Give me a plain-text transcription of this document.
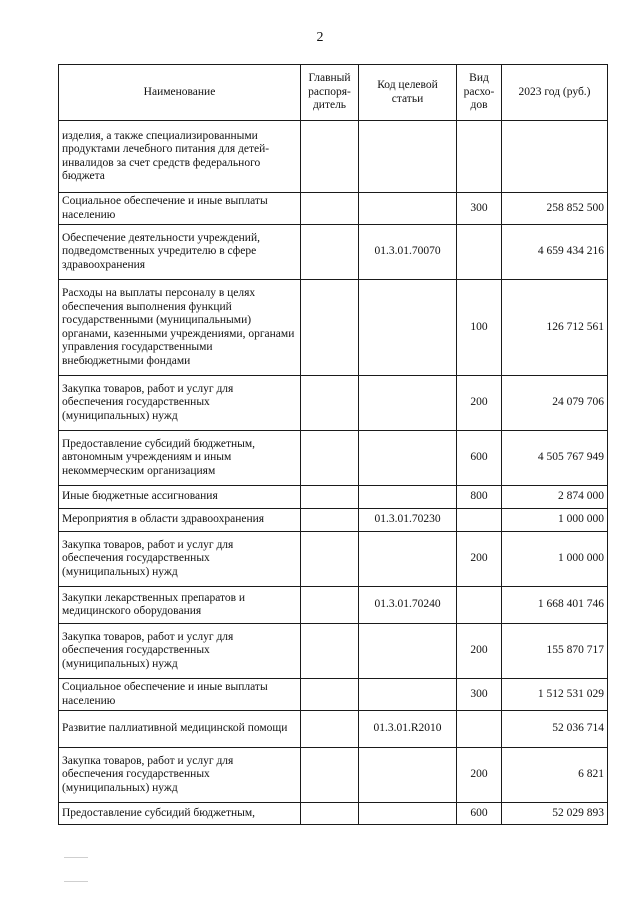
2
Наименование	Главный распоря- дитель	Код целевой статьи	Вид расхо- дов	2023 год (руб.)
изделия, а также специализированными продуктами лечебного питания для детей-инвалидов за счет средств федерального бюджета				
Социальное обеспечение и иные выплаты населению			300	258 852 500
Обеспечение деятельности учреждений, подведомственных учредителю в сфере здравоохранения		01.3.01.70070		4 659 434 216
Расходы на выплаты персоналу в целях обеспечения выполнения функций государственными (муниципальными) органами, казенными учреждениями, органами управления государственными внебюджетными фондами			100	126 712 561
Закупка товаров, работ и услуг для обеспечения государственных (муниципальных) нужд			200	24 079 706
Предоставление субсидий бюджетным, автономным учреждениям и иным некоммерческим организациям			600	4 505 767 949
Иные бюджетные ассигнования			800	2 874 000
Мероприятия в области здравоохранения		01.3.01.70230		1 000 000
Закупка товаров, работ и услуг для обеспечения государственных (муниципальных) нужд			200	1 000 000
Закупки лекарственных препаратов и медицинского оборудования		01.3.01.70240		1 668 401 746
Закупка товаров, работ и услуг для обеспечения государственных (муниципальных) нужд			200	155 870 717
Социальное обеспечение и иные выплаты населению			300	1 512 531 029
Развитие паллиативной медицинской помощи		01.3.01.R2010		52 036 714
Закупка товаров, работ и услуг для обеспечения государственных (муниципальных) нужд			200	6 821
Предоставление субсидий бюджетным,			600	52 029 893
